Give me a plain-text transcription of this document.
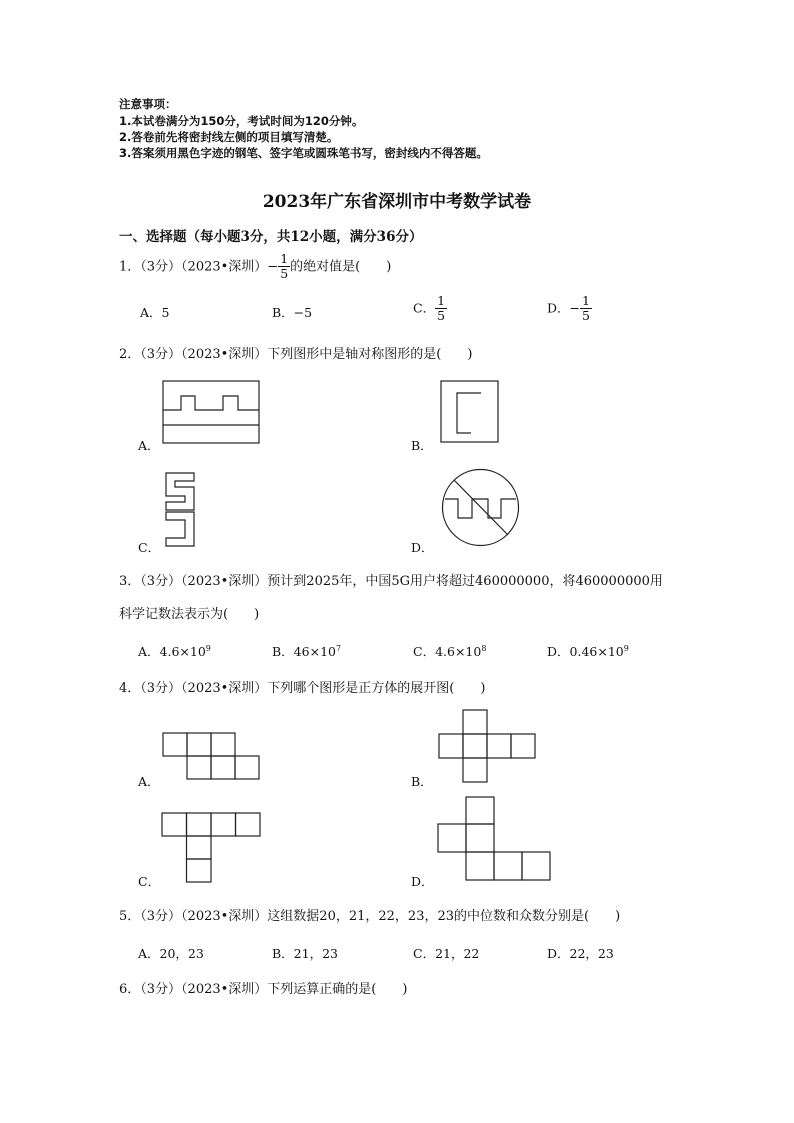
注意事项：
1.本试卷满分为150分，考试时间为120分钟。
2.答卷前先将密封线左侧的项目填写清楚。
3.答案须用黑色字迹的钢笔、签字笔或圆珠笔书写，密封线内不得答题。
2023年广东省深圳市中考数学试卷
一、选择题（每小题3分，共12小题，满分36分）
1．（3分）（2023•深圳）− $\frac{1}{5}$ 的绝对值是(　　)
A．5	B．−5	C． $\frac{1}{5}$	D．− $\frac{1}{5}$
2．（3分）（2023•深圳）下列图形中是轴对称图形的是(　　)
A．	B．
C．	D．
3．（3分）（2023•深圳）预计到2025年，中国5G用户将超过460000000，将460000000用
科学记数法表示为(　　)
A．$4.6\times 10^9$	B．$46\times 10^7$	C．$4.6\times 10^8$	D．$0.46\times 10^9$
4．（3分）（2023•深圳）下列哪个图形是正方体的展开图(　　)
A．	B．
C．	D．
5．（3分）（2023•深圳）这组数据20，21，22，23，23的中位数和众数分别是(　　)
A．20，23	B．21，23	C．21，22	D．22，23
6．（3分）（2023•深圳）下列运算正确的是(　　)
